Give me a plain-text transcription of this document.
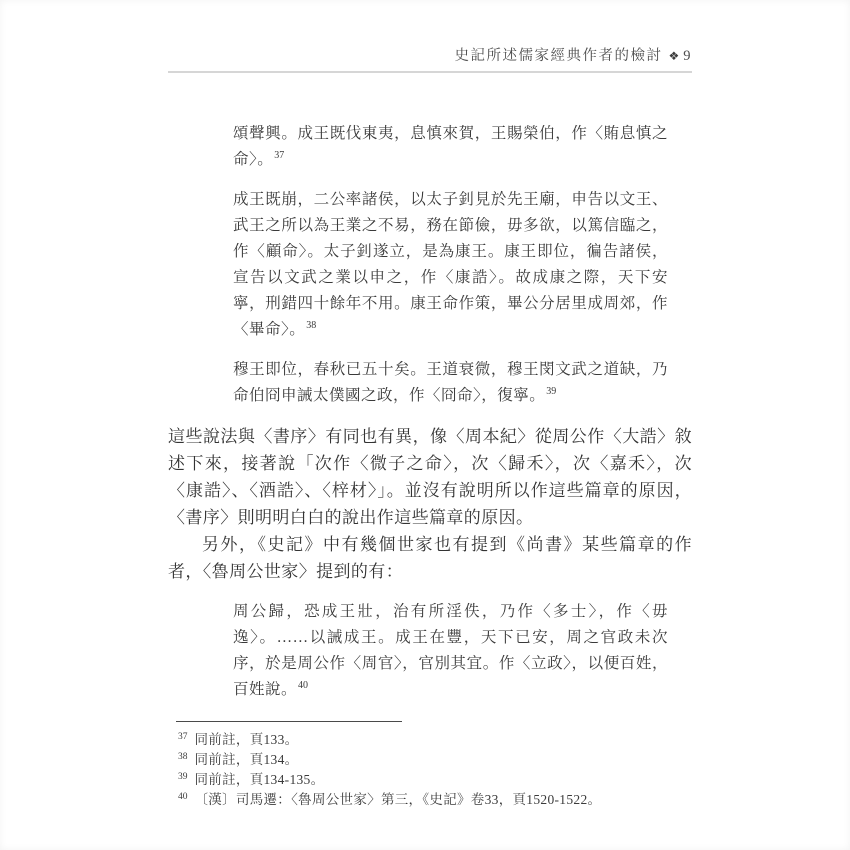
史記所述儒家經典作者的檢討 ❖ 9

頌聲興。成王既伐東夷，息慎來賀，王賜榮伯，作〈賄息慎之命〉。$^{37}$

成王既崩，二公率諸侯，以太子釗見於先王廟，申告以文王、武王之所以為王業之不易，務在節儉，毋多欲，以篤信臨之，作〈顧命〉。太子釗遂立，是為康王。康王即位，徧告諸侯，宣告以文武之業以申之，作〈康誥〉。故成康之際，天下安寧，刑錯四十餘年不用。康王命作策，畢公分居里成周郊，作〈畢命〉。$^{38}$

穆王即位，春秋已五十矣。王道衰微，穆王閔文武之道缺，乃命伯冏申誡太僕國之政，作〈冏命〉，復寧。$^{39}$

這些說法與〈書序〉有同也有異，像〈周本紀〉從周公作〈大誥〉敘述下來，接著說「次作〈微子之命〉，次〈歸禾〉，次〈嘉禾〉，次〈康誥〉、〈酒誥〉、〈梓材〉」。並沒有說明所以作這些篇章的原因，〈書序〉則明明白白的說出作這些篇章的原因。

另外，《史記》中有幾個世家也有提到《尚書》某些篇章的作者，〈魯周公世家〉提到的有：

周公歸，恐成王壯，治有所淫佚，乃作〈多士〉，作〈毋逸〉。……以誡成王。成王在豐，天下已安，周之官政未次序，於是周公作〈周官〉，官別其宜。作〈立政〉，以便百姓，百姓說。$^{40}$

$^{37}$ 同前註，頁133。
$^{38}$ 同前註，頁134。
$^{39}$ 同前註，頁134-135。
$^{40}$ 〔漢〕司馬遷：〈魯周公世家〉第三，《史記》卷33，頁1520-1522。
